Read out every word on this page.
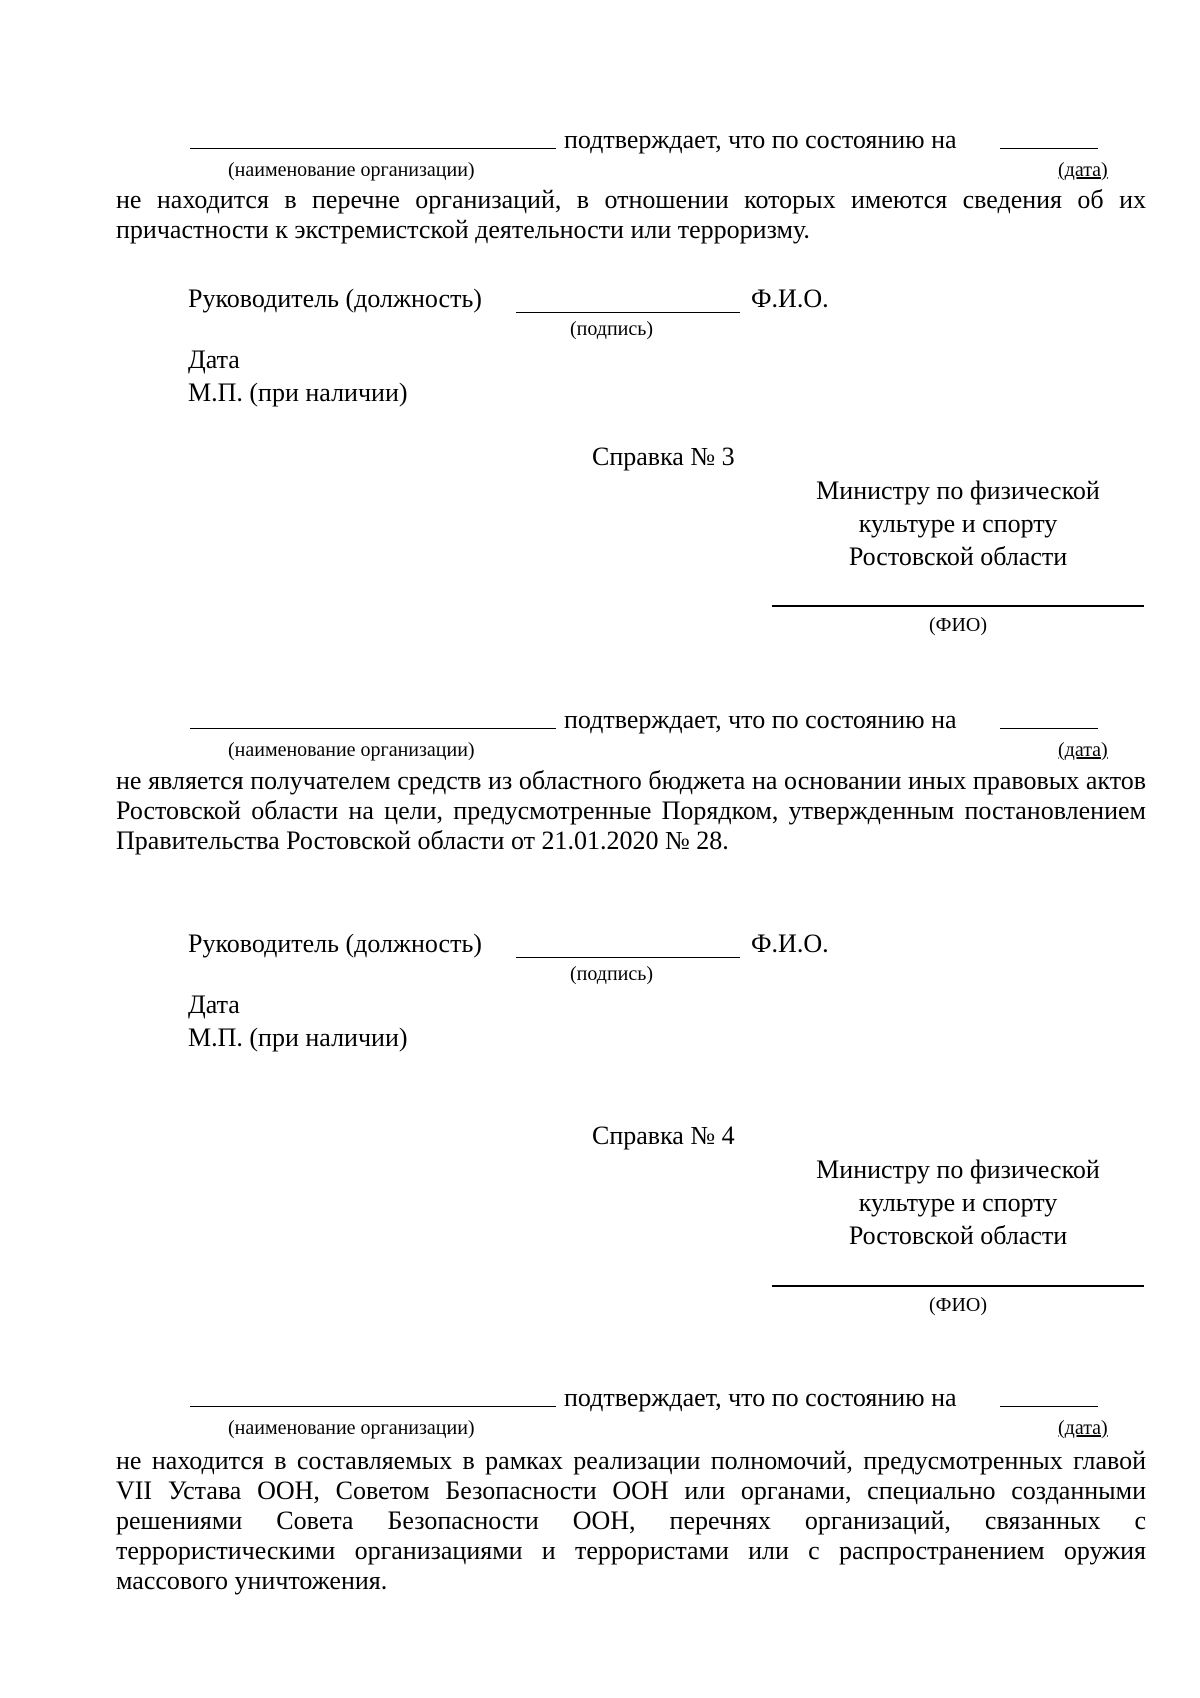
подтверждает, что по состоянию на
(наименование организации)	(дата)
не находится в перечне организаций, в отношении которых имеются сведения об их причастности к экстремистской деятельности или терроризму.
Руководитель (должность)	Ф.И.О.
(подпись)
Дата
М.П. (при наличии)
Справка № 3
Министру по физической
культуре и спорту
Ростовской области
(ФИО)
подтверждает, что по состоянию на
(наименование организации)	(дата)
не является получателем средств из областного бюджета на основании иных правовых актов Ростовской области на цели, предусмотренные Порядком, утвержденным постановлением Правительства Ростовской области от 21.01.2020 № 28.
Руководитель (должность)	Ф.И.О.
(подпись)
Дата
М.П. (при наличии)
Справка № 4
Министру по физической
культуре и спорту
Ростовской области
(ФИО)
подтверждает, что по состоянию на
(наименование организации)	(дата)
не находится в составляемых в рамках реализации полномочий, предусмотренных главой VII Устава ООН, Советом Безопасности ООН или органами, специально созданными решениями Совета Безопасности ООН, перечнях организаций, связанных с террористическими организациями и террористами или с распространением оружия массового уничтожения.
